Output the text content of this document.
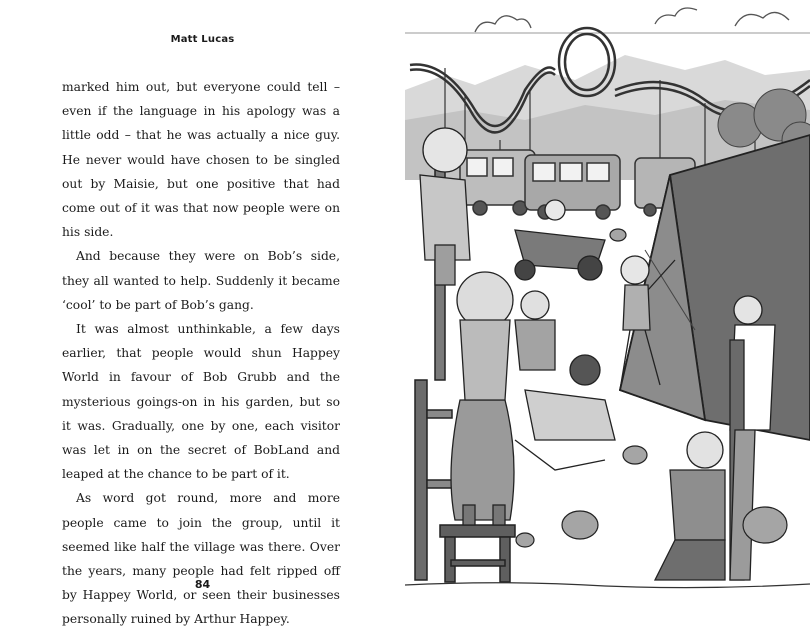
Matt Lucas

marked him out, but everyone could tell – even if the language in his apology was a little odd – that he was actually a nice guy. He never would have chosen to be singled out by Maisie, but one positive that had come out of it was that now people were on his side.

And because they were on Bob’s side, they all wanted to help. Suddenly it became ‘cool’ to be part of Bob’s gang.

It was almost unthinkable, a few days earlier, that people would shun Happey World in favour of Bob Grubb and the mysterious goings-on in his garden, but so it was. Gradually, one by one, each visitor was let in on the secret of BobLand and leaped at the chance to be part of it.

As word got round, more and more people came to join the group, until it seemed like half the village was there. Over the years, many people had felt ripped off by Happey World, or seen their businesses personally ruined by Arthur Happey.

84
